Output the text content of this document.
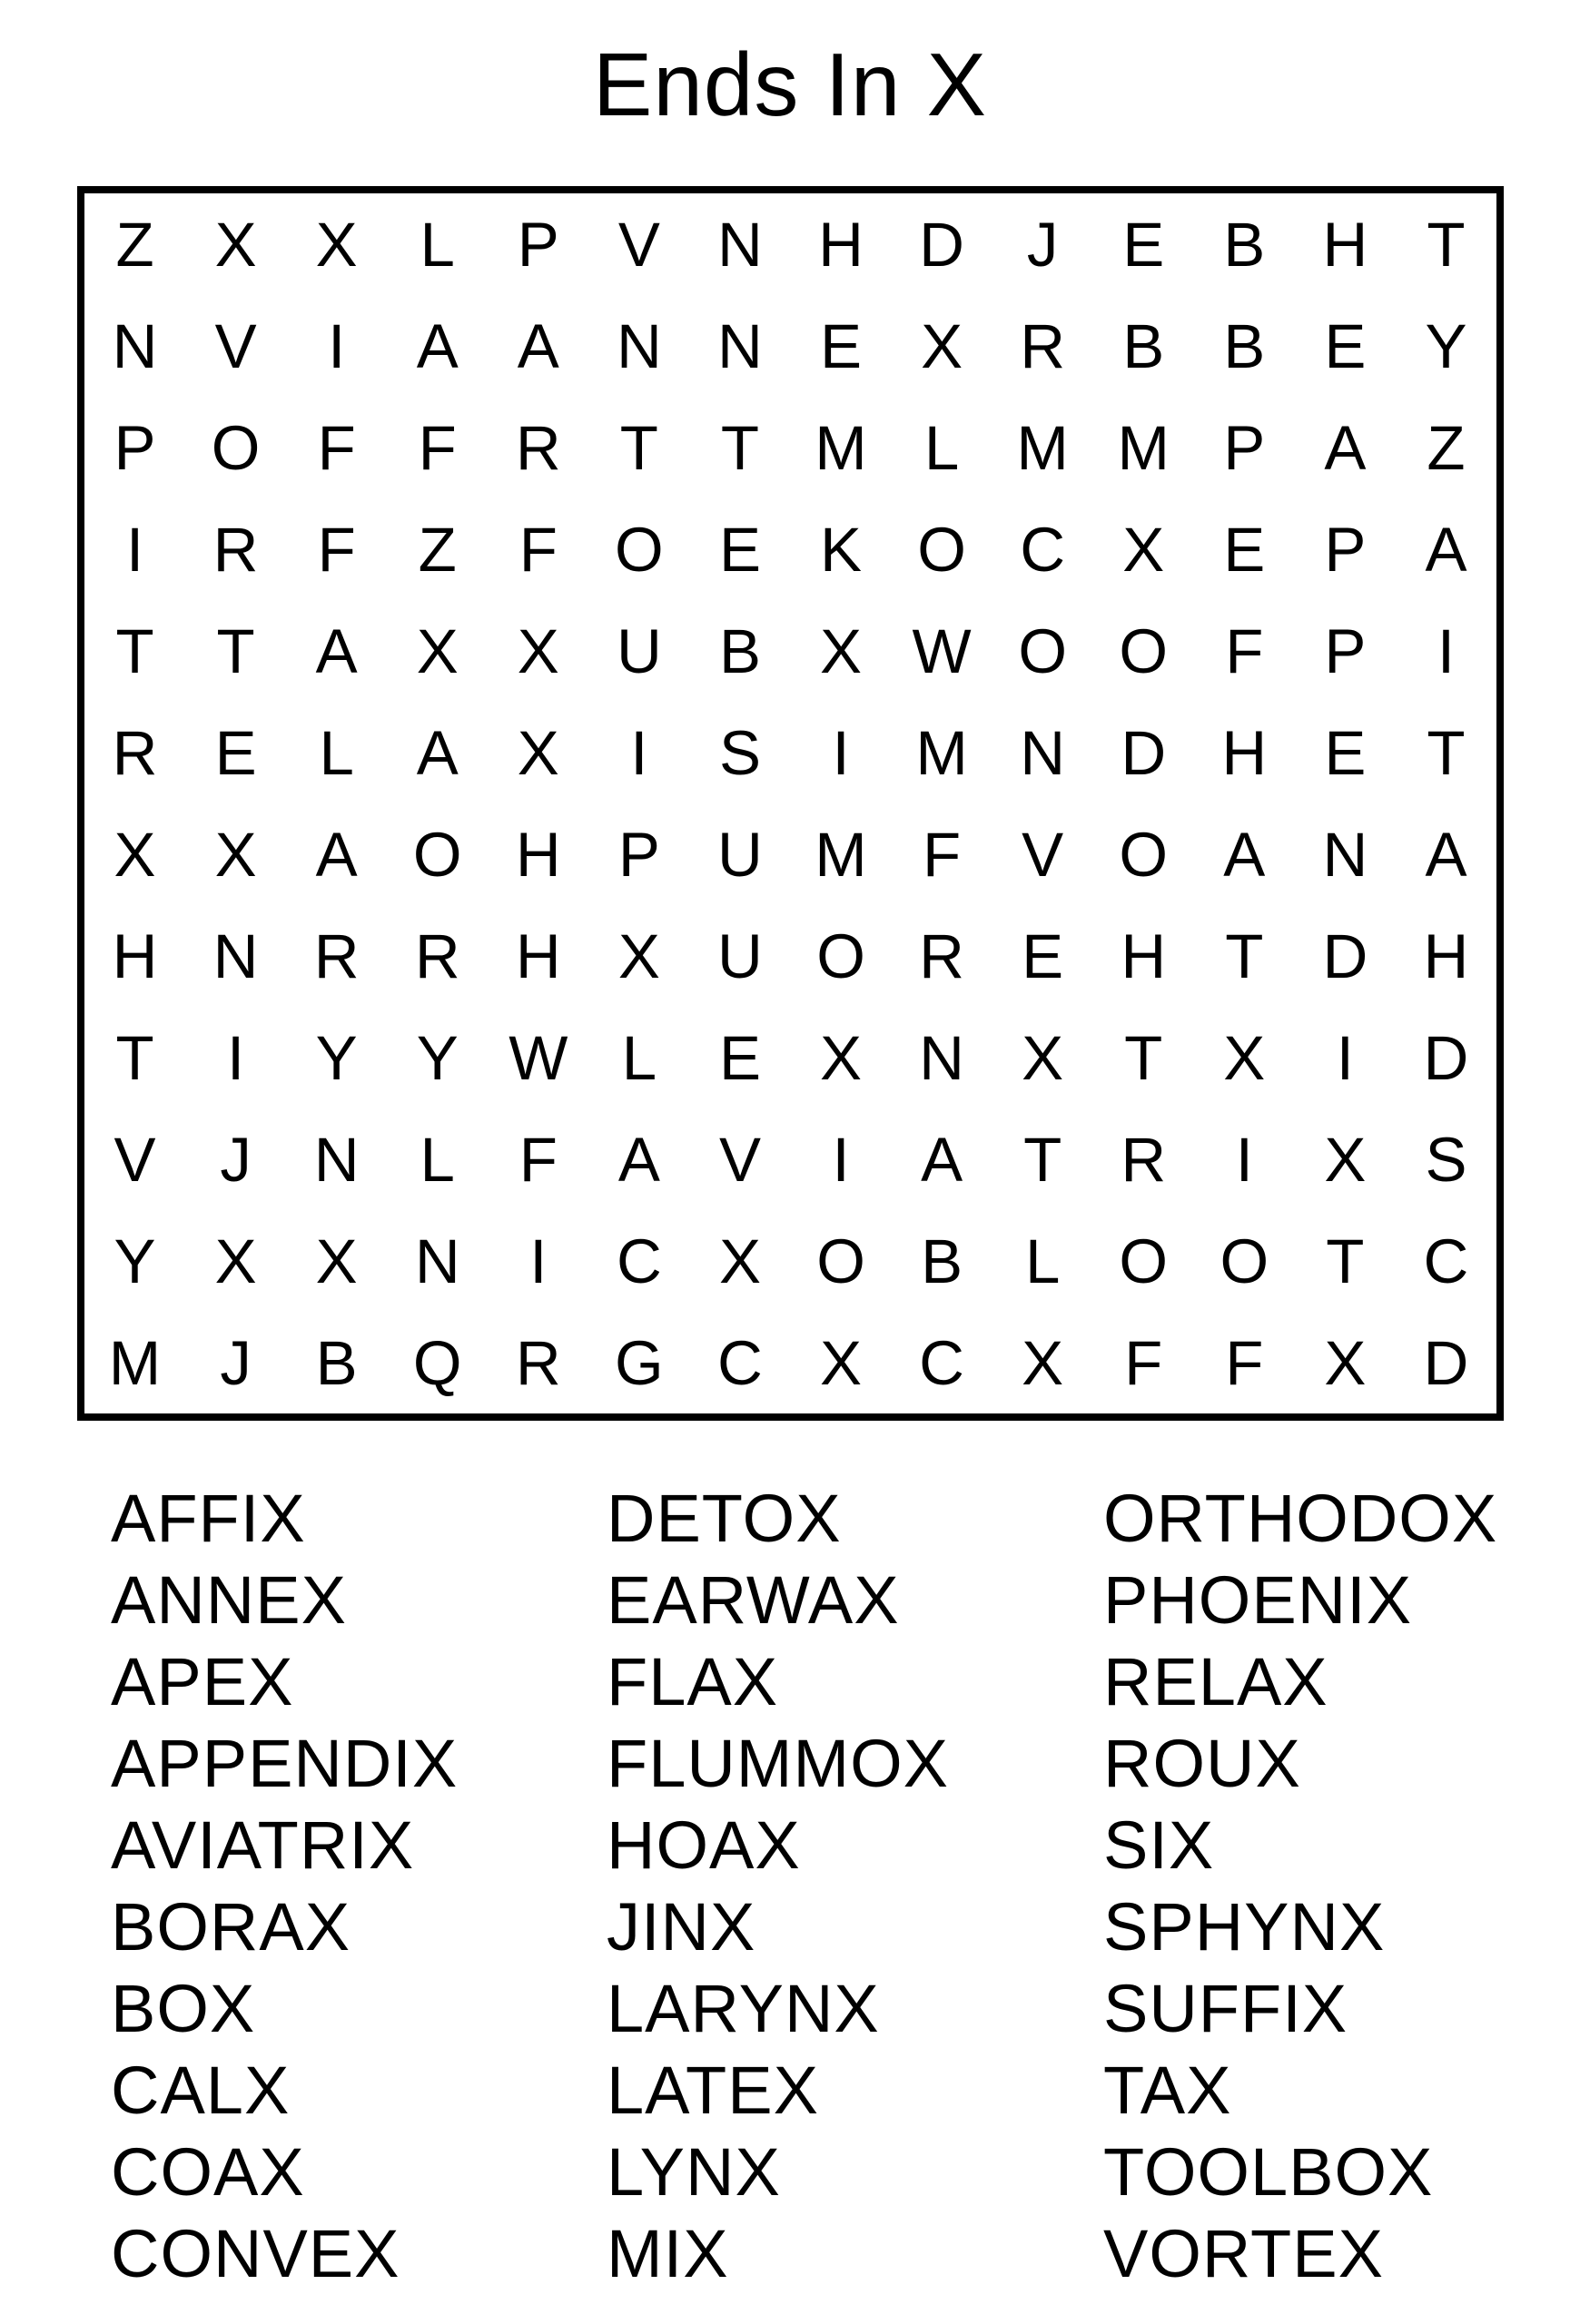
Ends In X
Z X X L P V N H D J	E B H T
N V	I	A A N N E X R B B E Y
P O F F R T T M L M M P A Z
I	R F Z F O E K O C X E P A
T T A X X U B X W O O F P	I
R E L A X	I	S	I	M N D H E T
X X A O H P U M F V O A N A
H N R R H X U O R E H T D H
T	I	Y Y W L E X N X T X	I	D
V	J N L	F A V	I	A T R	I	X S
Y X X N	I	C X O B L O O T C
M J	B Q R G C X C X F F X D
AFFIX
ANNEX
APEX
APPENDIX
AVIATRIX
BORAX
BOX
CALX
COAX
CONVEX
DETOX
EARWAX
FLAX
FLUMMOX
HOAX
JINX
LARYNX
LATEX
LYNX
MIX
ORTHODOX
PHOENIX
RELAX
ROUX
SIX
SPHYNX
SUFFIX
TAX
TOOLBOX
VORTEX
